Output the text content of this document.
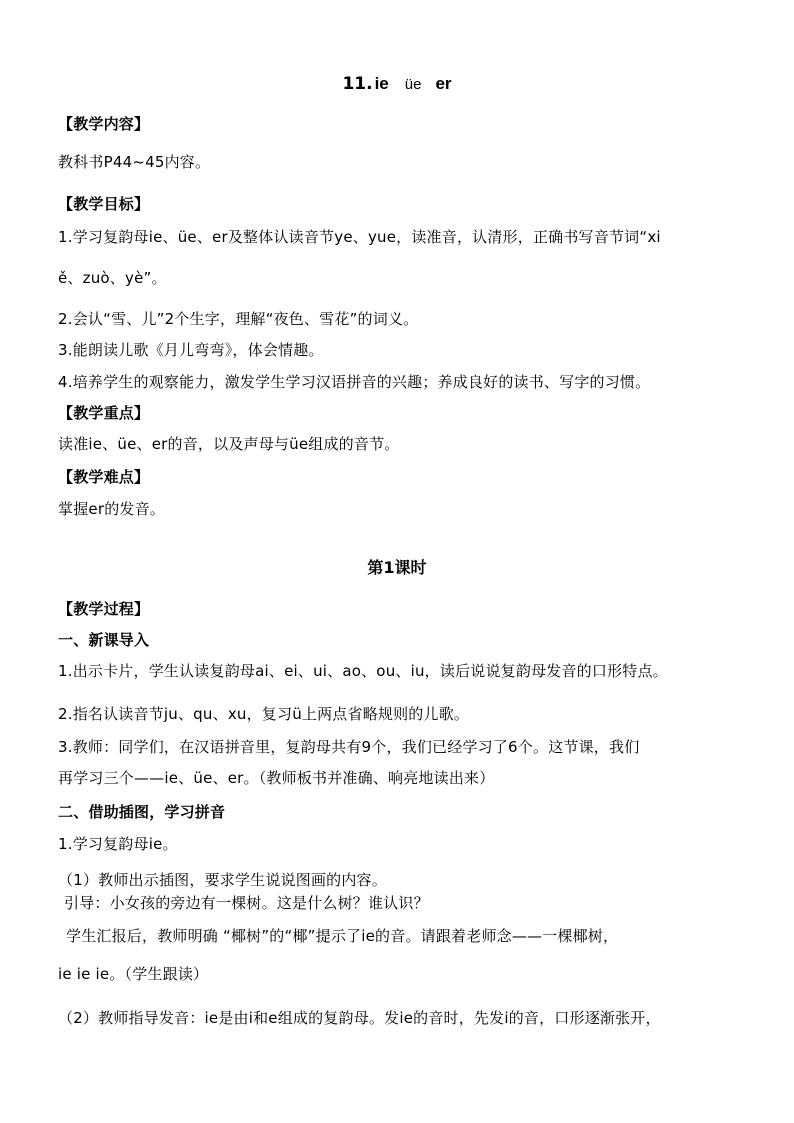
11. ie üe er
【教学内容】
教科书P44~45内容。
【教学目标】
1.学习复韵母ie、üe、er及整体认读音节ye、yue，读准音，认清形，正确书写音节词“xi
ě、zuò、yè”。
2.会认“雪、儿”2个生字，理解“夜色、雪花”的词义。
3.能朗读儿歌《月儿弯弯》，体会情趣。
4.培养学生的观察能力，激发学生学习汉语拼音的兴趣；养成良好的读书、写字的习惯。
【教学重点】
读准ie、üe、er的音，以及声母与üe组成的音节。
【教学难点】
掌握er的发音。
第1课时
【教学过程】
一、新课导入
1.出示卡片，学生认读复韵母ai、ei、ui、ao、ou、iu，读后说说复韵母发音的口形特点。
2.指名认读音节ju、qu、xu，复习ü上两点省略规则的儿歌。
3.教师：同学们，在汉语拼音里，复韵母共有9个，我们已经学习了6个。这节课，我们
再学习三个——ie、üe、er。（教师板书并准确、响亮地读出来）
二、借助插图，学习拼音
1.学习复韵母ie。
（1）教师出示插图，要求学生说说图画的内容。
引导：小女孩的旁边有一棵树。这是什么树？谁认识？
学生汇报后，教师明确 “椰树”的“椰”提示了ie的音。请跟着老师念——一棵椰树，
ie ie ie。（学生跟读）
（2）教师指导发音：ie是由i和e组成的复韵母。发ie的音时，先发i的音，口形逐渐张开，
